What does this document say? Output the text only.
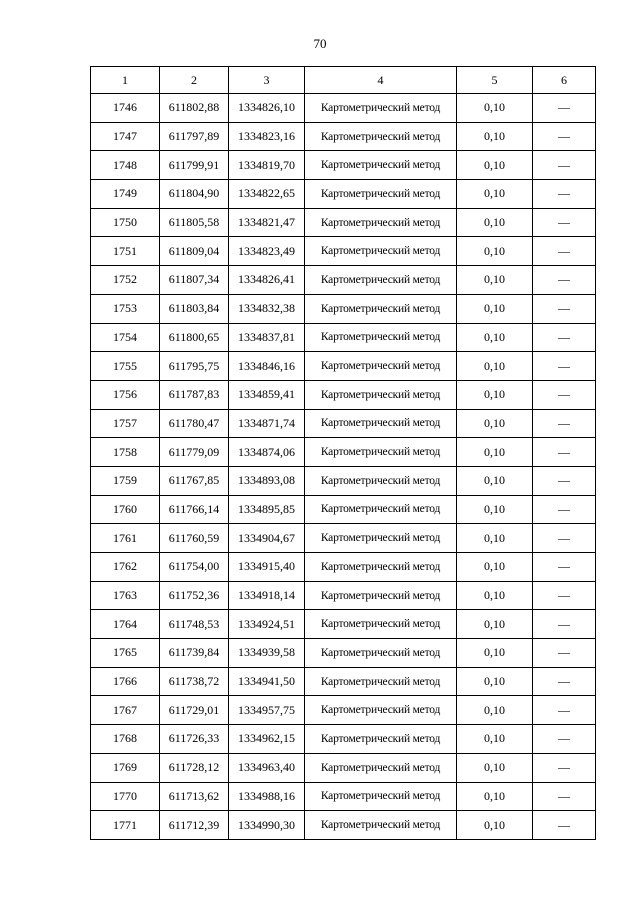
70
1	2	3	4	5	6
1746	611802,88	1334826,10	Картометрический метод	0,10	—
1747	611797,89	1334823,16	Картометрический метод	0,10	—
1748	611799,91	1334819,70	Картометрический метод	0,10	—
1749	611804,90	1334822,65	Картометрический метод	0,10	—
1750	611805,58	1334821,47	Картометрический метод	0,10	—
1751	611809,04	1334823,49	Картометрический метод	0,10	—
1752	611807,34	1334826,41	Картометрический метод	0,10	—
1753	611803,84	1334832,38	Картометрический метод	0,10	—
1754	611800,65	1334837,81	Картометрический метод	0,10	—
1755	611795,75	1334846,16	Картометрический метод	0,10	—
1756	611787,83	1334859,41	Картометрический метод	0,10	—
1757	611780,47	1334871,74	Картометрический метод	0,10	—
1758	611779,09	1334874,06	Картометрический метод	0,10	—
1759	611767,85	1334893,08	Картометрический метод	0,10	—
1760	611766,14	1334895,85	Картометрический метод	0,10	—
1761	611760,59	1334904,67	Картометрический метод	0,10	—
1762	611754,00	1334915,40	Картометрический метод	0,10	—
1763	611752,36	1334918,14	Картометрический метод	0,10	—
1764	611748,53	1334924,51	Картометрический метод	0,10	—
1765	611739,84	1334939,58	Картометрический метод	0,10	—
1766	611738,72	1334941,50	Картометрический метод	0,10	—
1767	611729,01	1334957,75	Картометрический метод	0,10	—
1768	611726,33	1334962,15	Картометрический метод	0,10	—
1769	611728,12	1334963,40	Картометрический метод	0,10	—
1770	611713,62	1334988,16	Картометрический метод	0,10	—
1771	611712,39	1334990,30	Картометрический метод	0,10	—
